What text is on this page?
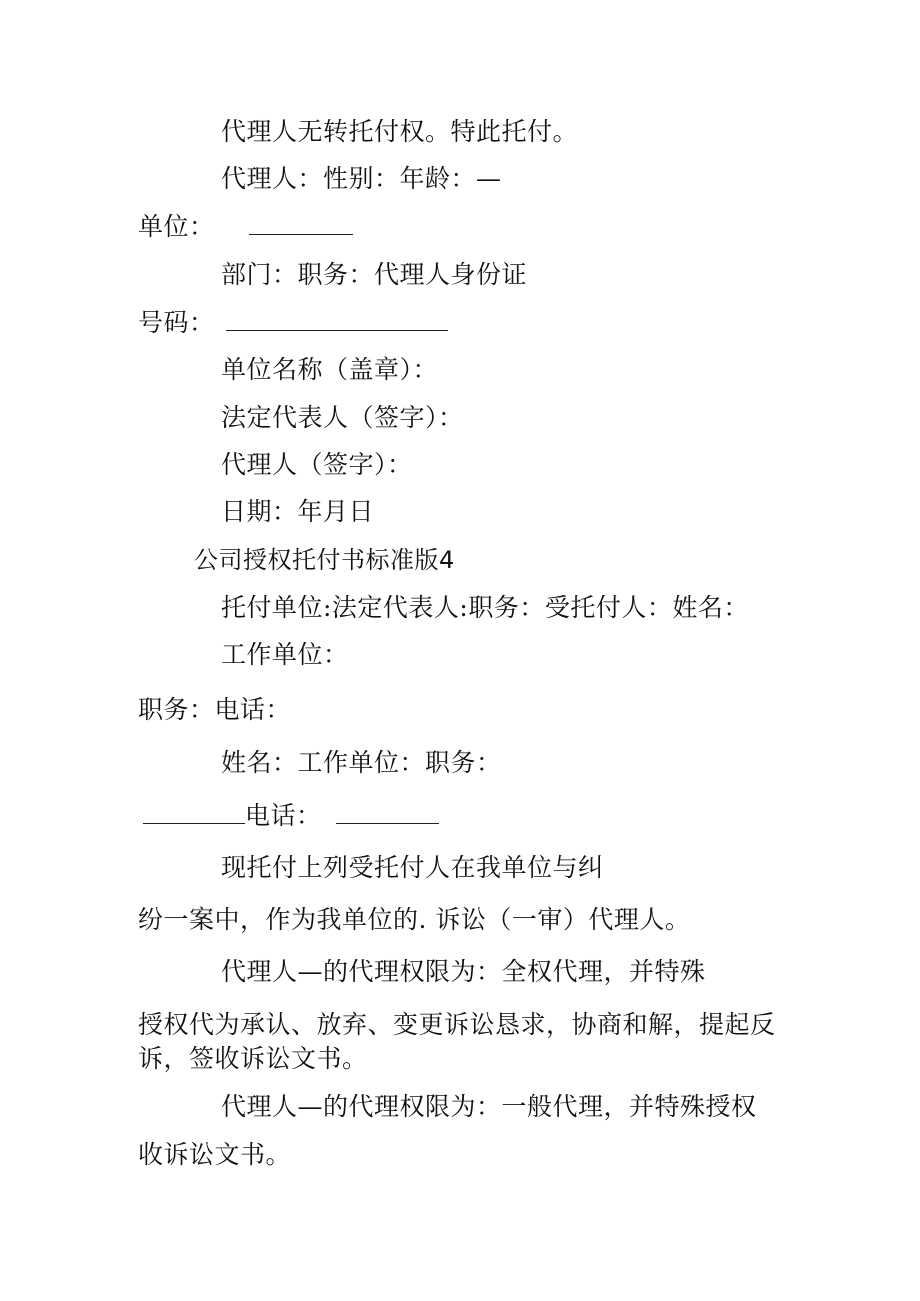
代理人无转托付权。特此托付。
代理人：性别：年龄：—
单位：
部门：职务：代理人身份证
号码：
单位名称（盖章）：
法定代表人（签字）：
代理人（签字）：
日期：年月日
公司授权托付书标准版4
托付单位:法定代表人:职务：受托付人：姓名：
工作单位：
职务：电话：
姓名：工作单位：职务：
电话：
现托付上列受托付人在我单位与纠
纷一案中，作为我单位的. 诉讼（一审）代理人。
代理人—的代理权限为：全权代理，并特殊
授权代为承认、放弃、变更诉讼恳求，协商和解，提起反
诉，签收诉讼文书。
代理人—的代理权限为：一般代理，并特殊授权
收诉讼文书。
